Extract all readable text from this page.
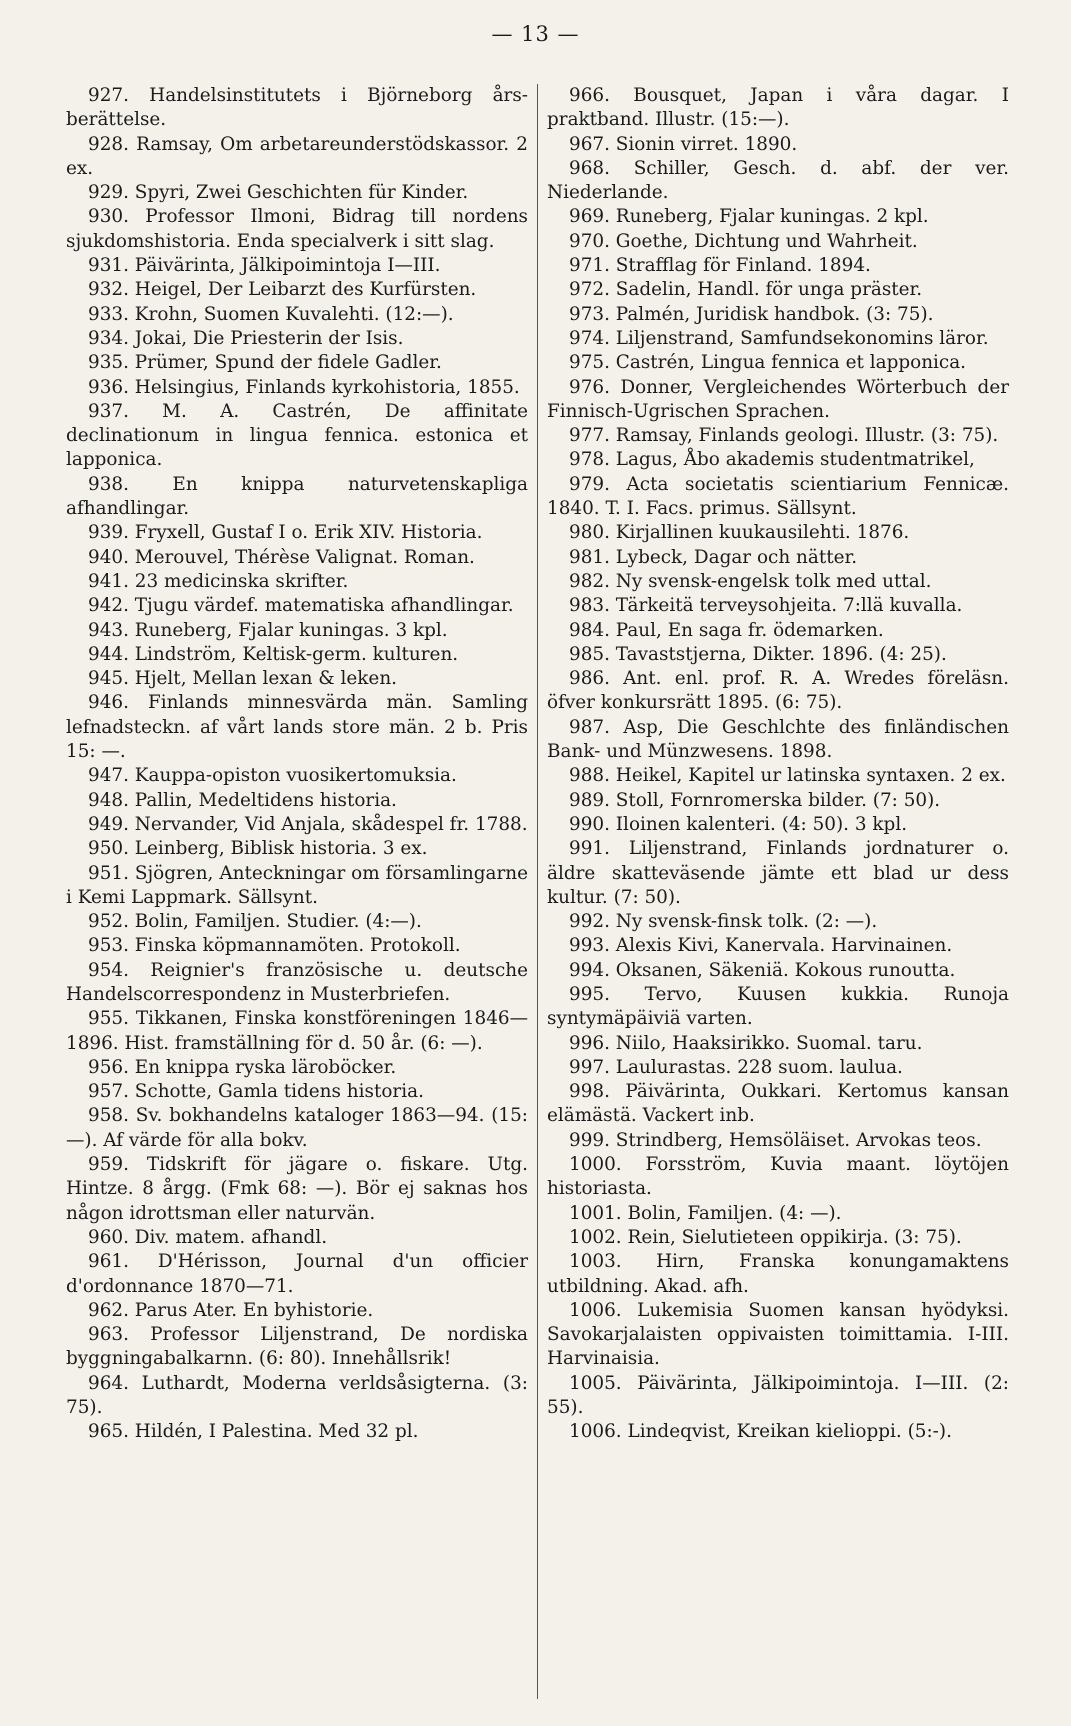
— 13 —

927. Handelsinstitutets i Björneborg års-berättelse.

928. Ramsay, Om arbetareunderstödskassor. 2 ex.

929. Spyri, Zwei Geschichten für Kinder.

930. Professor Ilmoni, Bidrag till nordens sjukdomshistoria. Enda specialverk i sitt slag.

931. Päivärinta, Jälkipoimintoja I—III.

932. Heigel, Der Leibarzt des Kurfürsten.

933. Krohn, Suomen Kuvalehti. (12:—).

934. Jokai, Die Priesterin der Isis.

935. Prümer, Spund der fidele Gadler.

936. Helsingius, Finlands kyrkohistoria, 1855.

937. M. A. Castrén, De affinitate declinationum in lingua fennica. estonica et lapponica.

938. En knippa naturvetenskapliga afhandlingar.

939. Fryxell, Gustaf I o. Erik XIV. Historia.

940. Merouvel, Thérèse Valignat. Roman.

941. 23 medicinska skrifter.

942. Tjugu värdef. matematiska afhandlingar.

943. Runeberg, Fjalar kuningas. 3 kpl.

944. Lindström, Keltisk-germ. kulturen.

945. Hjelt, Mellan lexan & leken.

946. Finlands minnesvärda män. Samling lefnadsteckn. af vårt lands store män. 2 b. Pris 15: —.

947. Kauppa-opiston vuosikertomuksia.

948. Pallin, Medeltidens historia.

949. Nervander, Vid Anjala, skådespel fr. 1788.

950. Leinberg, Biblisk historia. 3 ex.

951. Sjögren, Anteckningar om församlingarne i Kemi Lappmark. Sällsynt.

952. Bolin, Familjen. Studier. (4:—).

953. Finska köpmannamöten. Protokoll.

954. Reignier's französische u. deutsche Handelscorrespondenz in Musterbriefen.

955. Tikkanen, Finska konstföreningen 1846—1896. Hist. framställning för d. 50 år. (6: —).

956. En knippa ryska läroböcker.

957. Schotte, Gamla tidens historia.

958. Sv. bokhandelns kataloger 1863—94. (15: —). Af värde för alla bokv.

959. Tidskrift för jägare o. fiskare. Utg. Hintze. 8 årgg. (Fmk 68: —). Bör ej saknas hos någon idrottsman eller naturvän.

960. Div. matem. afhandl.

961. D'Hérisson, Journal d'un officier d'ordonnance 1870—71.

962. Parus Ater. En byhistorie.

963. Professor Liljenstrand, De nordiska byggningabalkarnn. (6: 80). Innehållsrik!

964. Luthardt, Moderna verldsåsigterna. (3: 75).

965. Hildén, I Palestina. Med 32 pl.

966. Bousquet, Japan i våra dagar. I praktband. Illustr. (15:—).

967. Sionin virret. 1890.

968. Schiller, Gesch. d. abf. der ver. Niederlande.

969. Runeberg, Fjalar kuningas. 2 kpl.

970. Goethe, Dichtung und Wahrheit.

971. Strafflag för Finland. 1894.

972. Sadelin, Handl. för unga präster.

973. Palmén, Juridisk handbok. (3: 75).

974. Liljenstrand, Samfundsekonomins läror.

975. Castrén, Lingua fennica et lapponica.

976. Donner, Vergleichendes Wörterbuch der Finnisch-Ugrischen Sprachen.

977. Ramsay, Finlands geologi. Illustr. (3: 75).

978. Lagus, Åbo akademis studentmatrikel,

979. Acta societatis scientiarium Fennicæ. 1840. T. I. Facs. primus. Sällsynt.

980. Kirjallinen kuukausilehti. 1876.

981. Lybeck, Dagar och nätter.

982. Ny svensk-engelsk tolk med uttal.

983. Tärkeitä terveysohjeita. 7:llä kuvalla.

984. Paul, En saga fr. ödemarken.

985. Tavaststjerna, Dikter. 1896. (4: 25).

986. Ant. enl. prof. R. A. Wredes föreläsn. öfver konkursrätt 1895. (6: 75).

987. Asp, Die Geschlchte des finländischen Bank- und Münzwesens. 1898.

988. Heikel, Kapitel ur latinska syntaxen. 2 ex.

989. Stoll, Fornromerska bilder. (7: 50).

990. Iloinen kalenteri. (4: 50). 3 kpl.

991. Liljenstrand, Finlands jordnaturer o. äldre skatteväsende jämte ett blad ur dess kultur. (7: 50).

992. Ny svensk-finsk tolk. (2: —).

993. Alexis Kivi, Kanervala. Harvinainen.

994. Oksanen, Säkeniä. Kokous runoutta.

995. Tervo, Kuusen kukkia. Runoja syntymäpäiviä varten.

996. Niilo, Haaksirikko. Suomal. taru.

997. Laulurastas. 228 suom. laulua.

998. Päivärinta, Oukkari. Kertomus kansan elämästä. Vackert inb.

999. Strindberg, Hemsöläiset. Arvokas teos.

1000. Forsström, Kuvia maant. löytöjen historiasta.

1001. Bolin, Familjen. (4: —).

1002. Rein, Sielutieteen oppikirja. (3: 75).

1003. Hirn, Franska konungamaktens utbildning. Akad. afh.

1006. Lukemisia Suomen kansan hyödyksi. Savokarjalaisten oppivaisten toimittamia. I-III. Harvinaisia.

1005. Päivärinta, Jälkipoimintoja. I—III. (2: 55).

1006. Lindeqvist, Kreikan kielioppi. (5:-).
